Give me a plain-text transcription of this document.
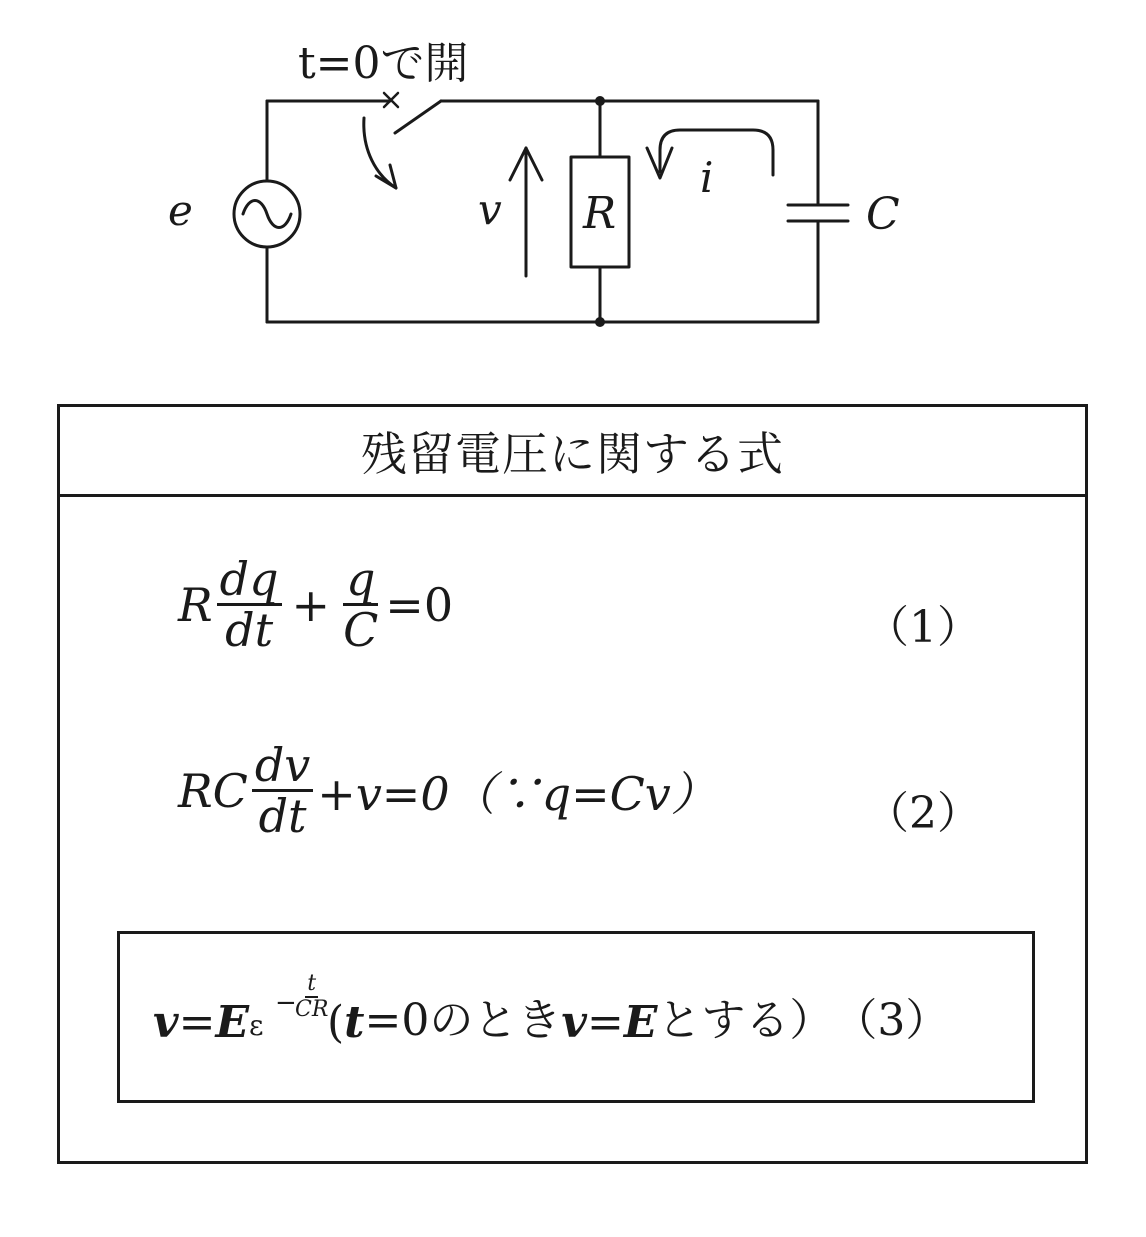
t=0で開
e	v R
i
C
残留電圧に関する式
R $\frac{dq}{dt} + \frac{q}{C} =0$	（1）
RC $\frac{dv}{dt}$ +v=0（∵q=Cv）	（2）
v = E ε
−
$\frac{t}{CR}$
( t =0のとき v = E とする） （3）
